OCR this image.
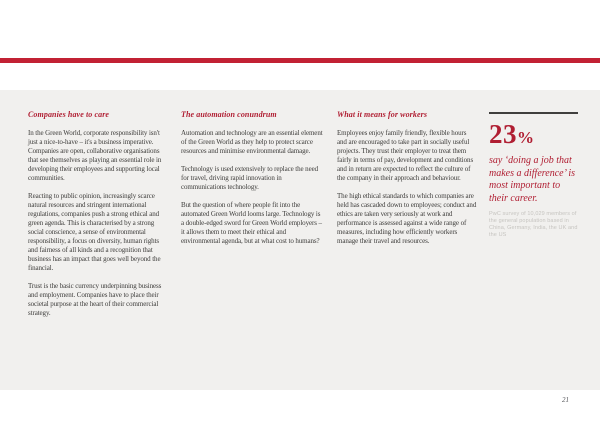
Companies have to care

In the Green World, corporate responsibility isn't just a nice-to-have – it's a business imperative. Companies are open, collaborative organisations that see themselves as playing an essential role in developing their employees and supporting local communities.

Reacting to public opinion, increasingly scarce natural resources and stringent international regulations, companies push a strong ethical and green agenda. This is characterised by a strong social conscience, a sense of environmental responsibility, a focus on diversity, human rights and fairness of all kinds and a recognition that business has an impact that goes well beyond the financial.

Trust is the basic currency underpinning business and employment. Companies have to place their societal purpose at the heart of their commercial strategy.

The automation conundrum

Automation and technology are an essential element of the Green World as they help to protect scarce resources and minimise environmental damage.

Technology is used extensively to replace the need for travel, driving rapid innovation in communications technology.

But the question of where people fit into the automated Green World looms large. Technology is a double-edged sword for Green World employers – it allows them to meet their ethical and environmental agenda, but at what cost to humans?

What it means for workers

Employees enjoy family friendly, flexible hours and are encouraged to take part in socially useful projects. They trust their employer to treat them fairly in terms of pay, development and conditions and in return are expected to reflect the culture of the company in their approach and behaviour.

The high ethical standards to which companies are held has cascaded down to employees; conduct and ethics are taken very seriously at work and performance is assessed against a wide range of measures, including how efficiently workers manage their travel and resources.

23%
say ‘doing a job that makes a difference’ is most important to their career.
PwC survey of 10,029 members of the general population based in China, Germany, India, the UK and the US
21
